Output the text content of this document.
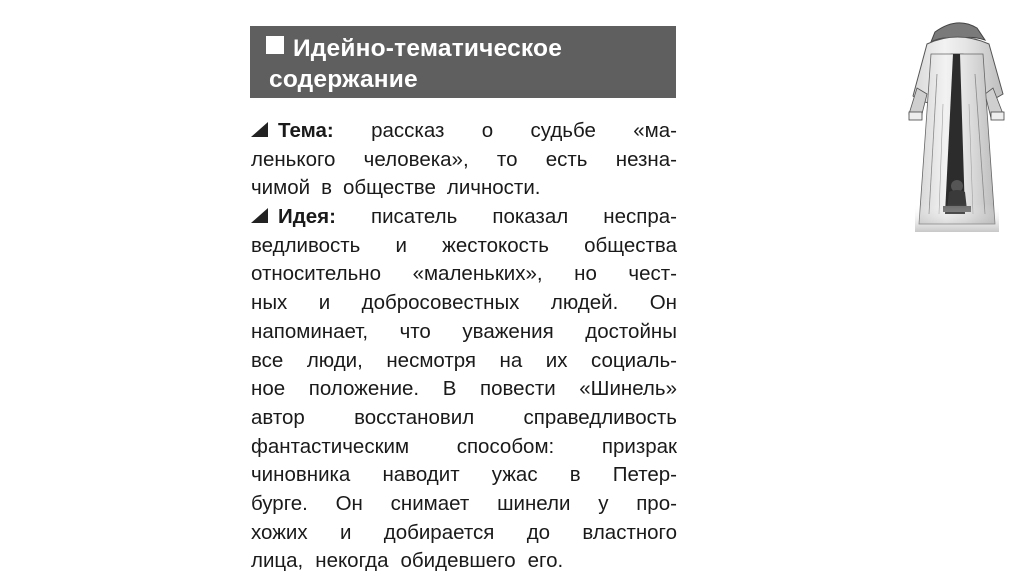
Идейно-тематическое
содержание
Тема: рассказ о судьбе «ма-
ленького человека», то есть незна-
чимой в обществе личности.
Идея: писатель показал неспра-
ведливость и жестокость общества
относительно «маленьких», но чест-
ных и добросовестных людей. Он
напоминает, что уважения достойны
все люди, несмотря на их социаль-
ное положение. В повести «Шинель»
автор восстановил справедливость
фантастическим способом: призрак
чиновника наводит ужас в Петер-
бурге. Он снимает шинели у про-
хожих и добирается до властного
лица, некогда обидевшего его.
